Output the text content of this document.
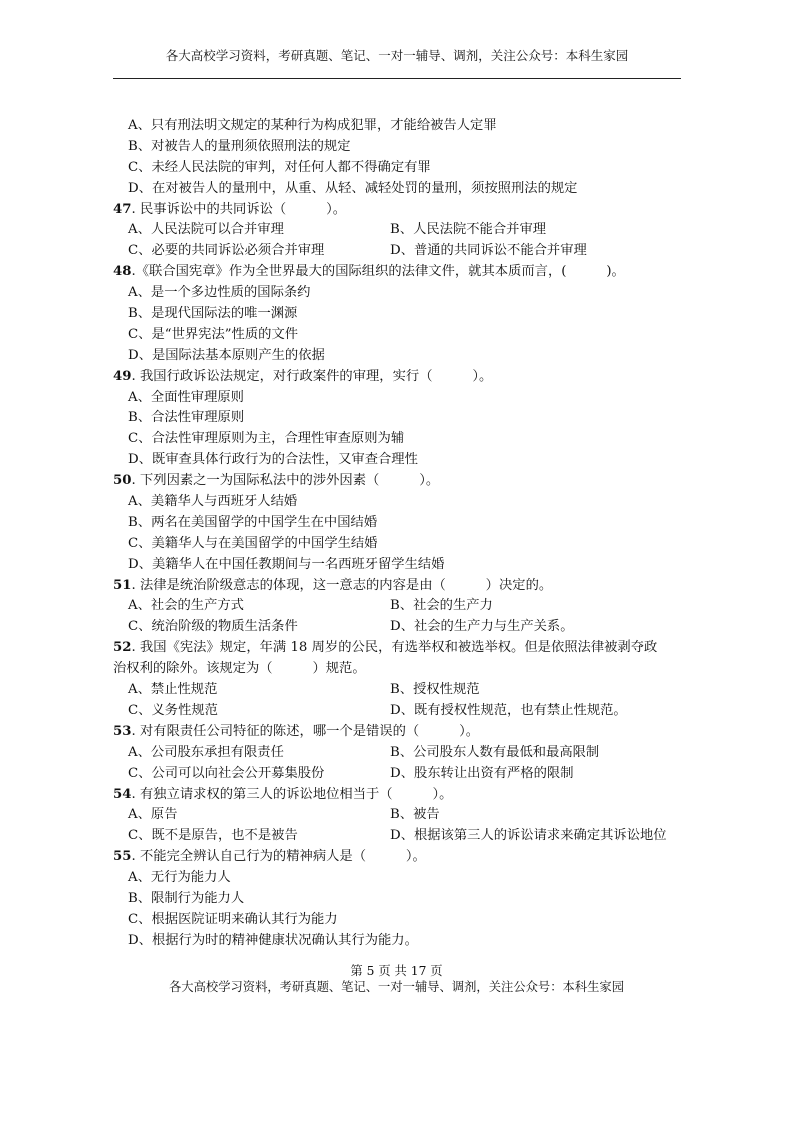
各大高校学习资料，考研真题、笔记、一对一辅导、调剂，关注公众号：本科生家园
A、只有刑法明文规定的某种行为构成犯罪，才能给被告人定罪
B、对被告人的量刑须依照刑法的规定
C、未经人民法院的审判，对任何人都不得确定有罪
D、在对被告人的量刑中，从重、从轻、减轻处罚的量刑，须按照刑法的规定
47. 民事诉讼中的共同诉讼（　　　）。
A、人民法院可以合并审理	B、人民法院不能合并审理
C、必要的共同诉讼必须合并审理	D、普通的共同诉讼不能合并审理
48.《联合国宪章》作为全世界最大的国际组织的法律文件，就其本质而言，(　　　)。
A、是一个多边性质的国际条约
B、是现代国际法的唯一渊源
C、是“世界宪法”性质的文件
D、是国际法基本原则产生的依据
49. 我国行政诉讼法规定，对行政案件的审理，实行（　　　）。
A、全面性审理原则
B、合法性审理原则
C、合法性审理原则为主，合理性审查原则为辅
D、既审查具体行政行为的合法性，又审查合理性
50. 下列因素之一为国际私法中的涉外因素（　　　）。
A、美籍华人与西班牙人结婚
B、两名在美国留学的中国学生在中国结婚
C、美籍华人与在美国留学的中国学生结婚
D、美籍华人在中国任教期间与一名西班牙留学生结婚
51. 法律是统治阶级意志的体现，这一意志的内容是由（　　　）决定的。
A、社会的生产方式	B、社会的生产力
C、统治阶级的物质生活条件	D、社会的生产力与生产关系。
52. 我国《宪法》规定，年满 18 周岁的公民，有选举权和被选举权。但是依照法律被剥夺政
治权利的除外。该规定为（　　　）规范。
A、禁止性规范	B、授权性规范
C、义务性规范	D、既有授权性规范，也有禁止性规范。
53. 对有限责任公司特征的陈述，哪一个是错误的（　　　）。
A、公司股东承担有限责任	B、公司股东人数有最低和最高限制
C、公司可以向社会公开募集股份	D、股东转让出资有严格的限制
54. 有独立请求权的第三人的诉讼地位相当于（　　　）。
A、原告	B、被告
C、既不是原告，也不是被告	D、根据该第三人的诉讼请求来确定其诉讼地位
55. 不能完全辨认自己行为的精神病人是（　　　）。
A、无行为能力人
B、限制行为能力人
C、根据医院证明来确认其行为能力
D、根据行为时的精神健康状况确认其行为能力。
第 5 页 共 17 页
各大高校学习资料，考研真题、笔记、一对一辅导、调剂，关注公众号：本科生家园
